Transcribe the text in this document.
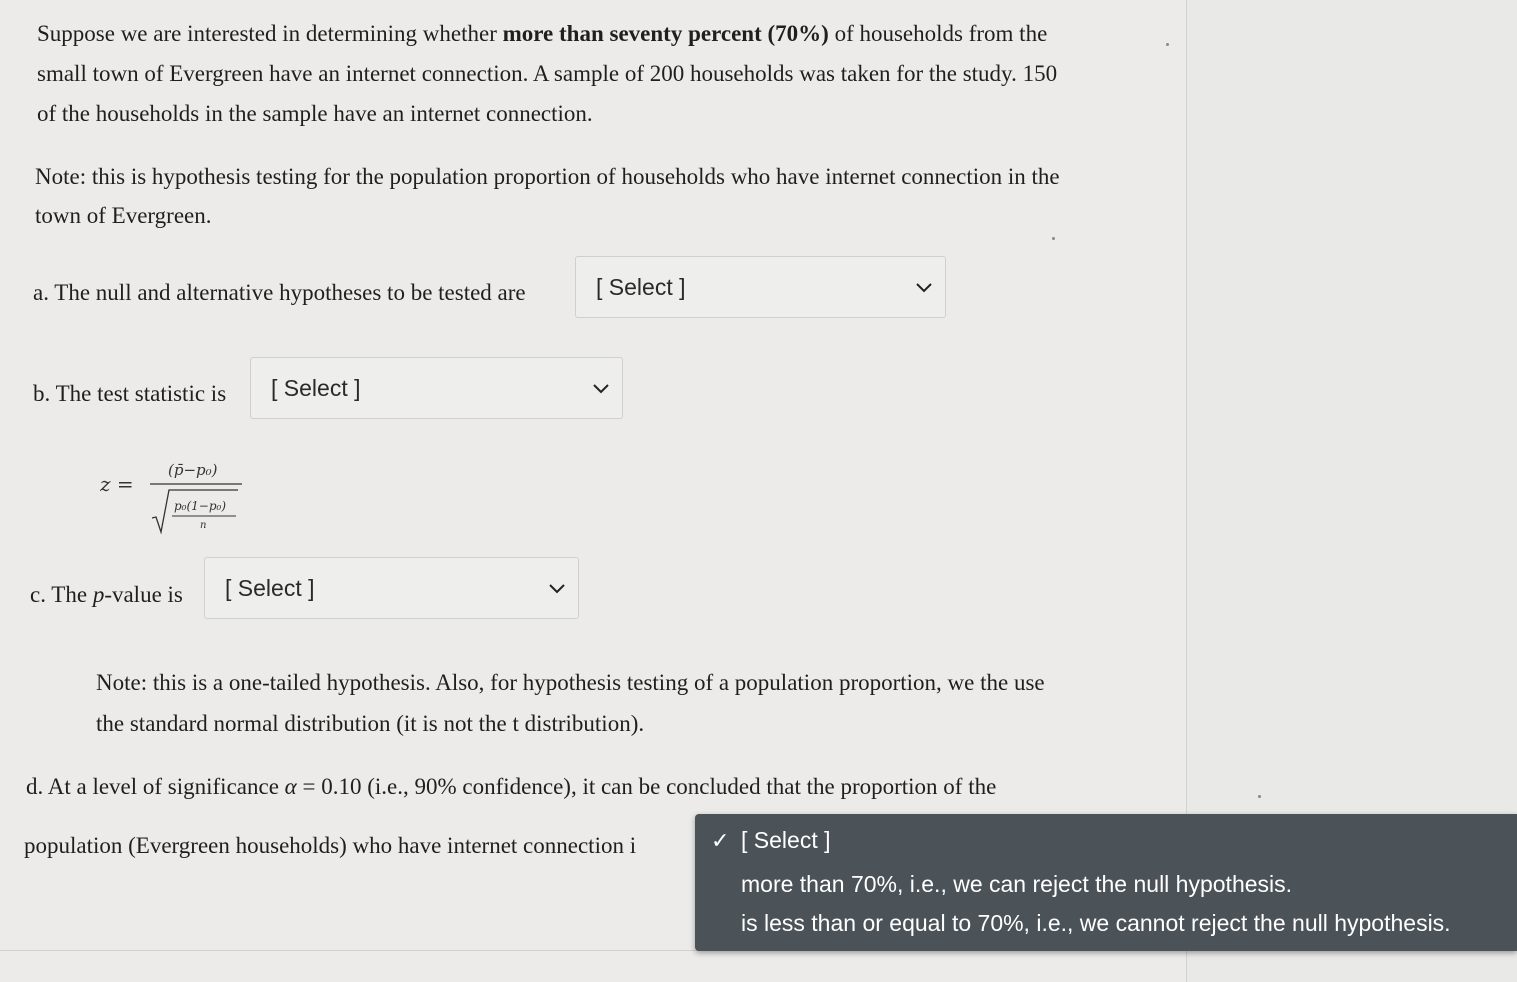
Suppose we are interested in determining whether more than seventy percent (70%) of households from the

small town of Evergreen have an internet connection. A sample of 200 households was taken for the study. 150

of the households in the sample have an internet connection.

Note: this is hypothesis testing for the population proportion of households who have internet connection in the

town of Evergreen.

a. The null and alternative hypotheses to be tested are	[ Select ]

b. The test statistic is	[ Select ]
z =
(p̄−p₀)
p₀(1−p₀)
n

c. The p-value is	[ Select ]

Note: this is a one-tailed hypothesis. Also, for hypothesis testing of a population proportion, we the use

the standard normal distribution (it is not the t distribution).

d. At a level of significance α = 0.10 (i.e., 90% confidence), it can be concluded that the proportion of the

population (Evergreen households) who have internet connection i	✓ [ Select ]
more than 70%, i.e., we can reject the null hypothesis.
is less than or equal to 70%, i.e., we cannot reject the null hypothesis.
